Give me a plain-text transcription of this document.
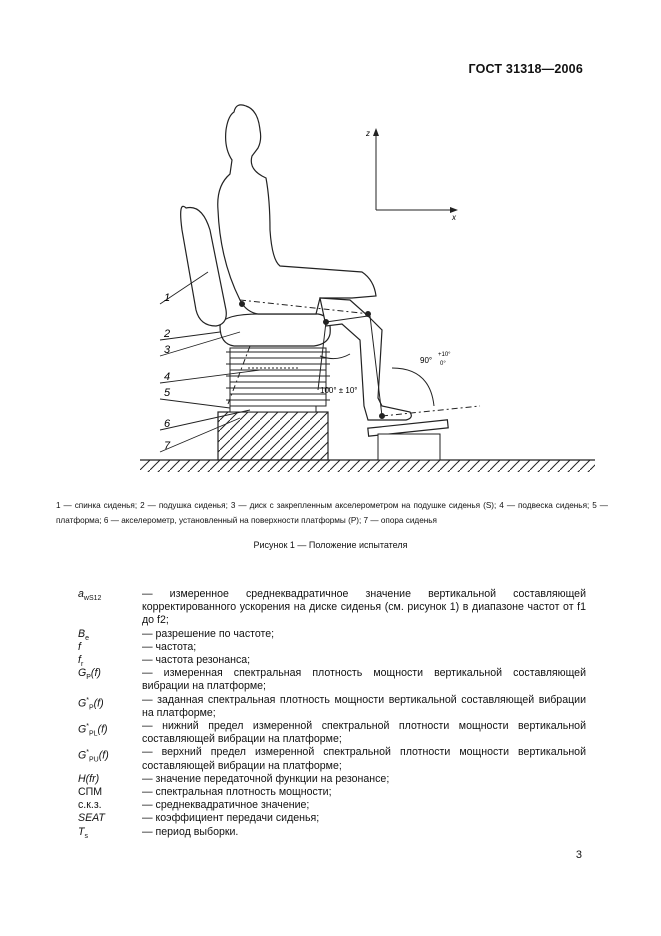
ГОСТ 31318—2006
z
x
100° ± 10°
90°
+10°
0°
1
2
3
4
5
6
7
1 — спинка сиденья; 2 — подушка сиденья; 3 — диск с закрепленным акселерометром на подушке сиденья (S); 4 — подвеска сиденья; 5 — платформа; 6 — акселерометр, установленный на поверхности платформы (P); 7 — опора сиденья
Рисунок 1 — Положение испытателя
$a_{wS12}$	— измеренное среднеквадратичное значение вертикальной составляющей корректированного ускорения на диске сиденья (см. рисунок 1) в диапазоне частот от f1 до f2;
$B_e$	— разрешение по частоте;
f	— частота;
$f_r$	— частота резонанса;
$G_P(f)$	— измеренная спектральная плотность мощности вертикальной составляющей вибрации на платформе;
$G^*_P(f)$	— заданная спектральная плотность мощности вертикальной составляющей вибрации на платформе;
$G^*_{PL}(f)$	— нижний предел измеренной спектральной плотности мощности вертикальной составляющей вибрации на платформе;
$G^*_{PU}(f)$	— верхний предел измеренной спектральной плотности мощности вертикальной составляющей вибрации на платформе;
H(fr)	— значение передаточной функции на резонансе;
СПМ	— спектральная плотность мощности;
с.к.з.	— среднеквадратичное значение;
SEAT	— коэффициент передачи сиденья;
$T_s$	— период выборки.
3
